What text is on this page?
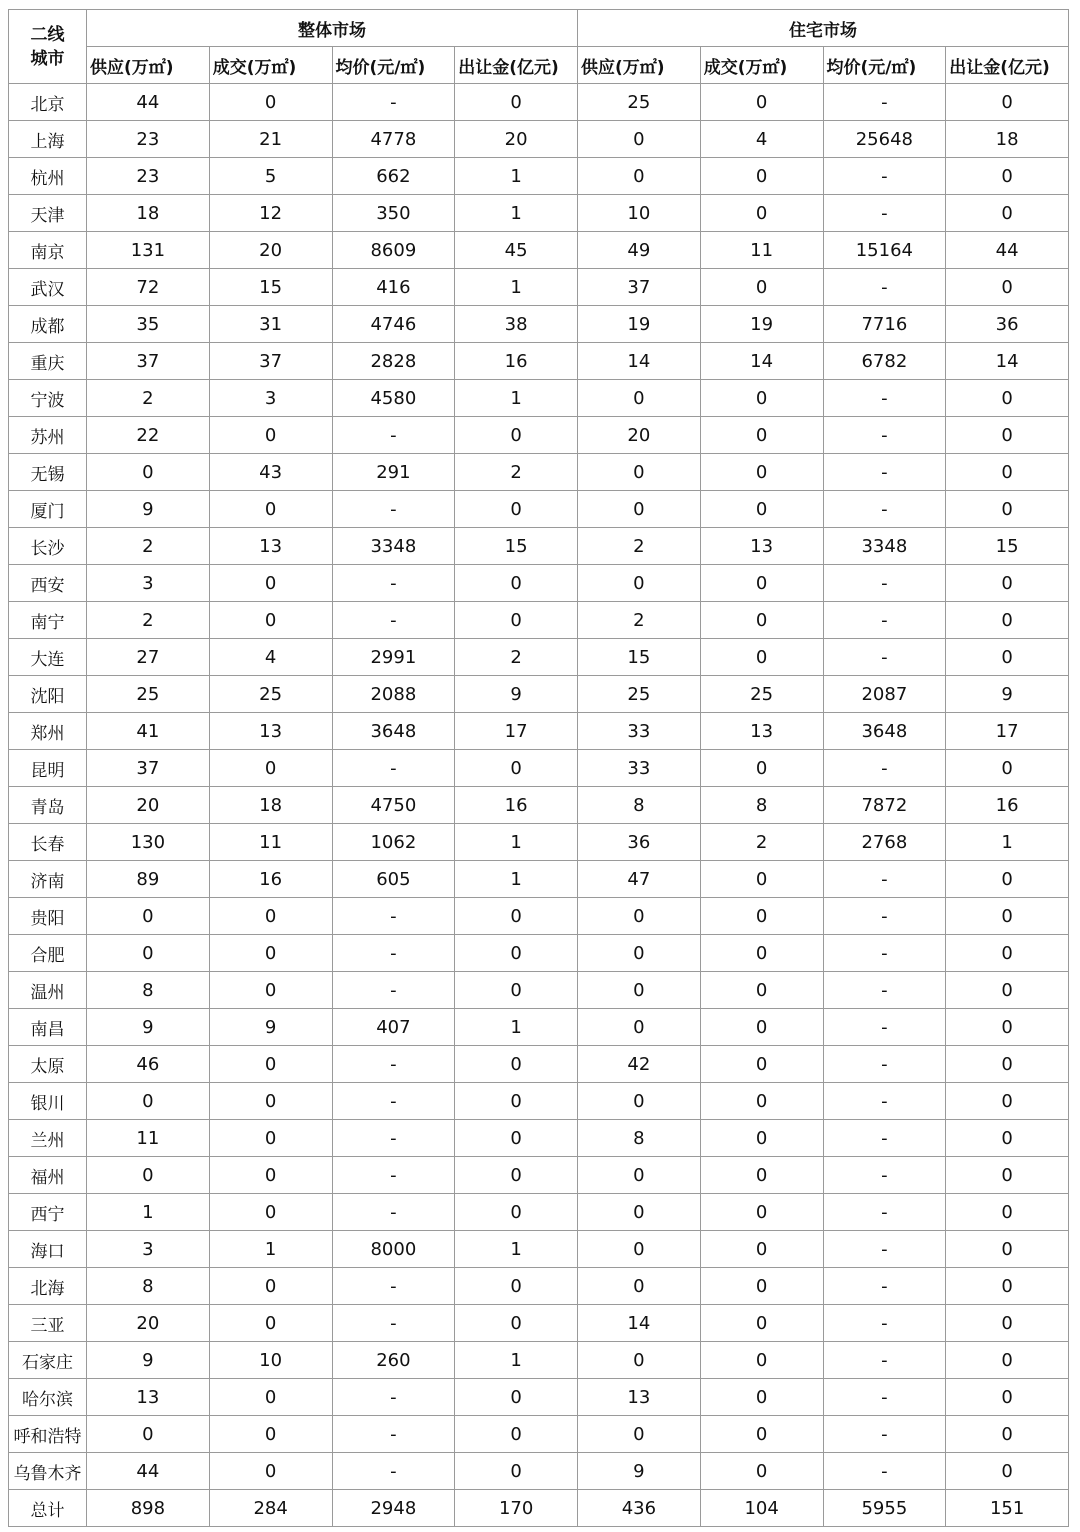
二线
城市	整体市场				住宅市场			
	供应(万㎡)	成交(万㎡)	均价(元/㎡)	出让金(亿元)	供应(万㎡)	成交(万㎡)	均价(元/㎡)	出让金(亿元)
北京	44	0	-	0	25	0	-	0
上海	23	21	4778	20	0	4	25648	18
杭州	23	5	662	1	0	0	-	0
天津	18	12	350	1	10	0	-	0
南京	131	20	8609	45	49	11	15164	44
武汉	72	15	416	1	37	0	-	0
成都	35	31	4746	38	19	19	7716	36
重庆	37	37	2828	16	14	14	6782	14
宁波	2	3	4580	1	0	0	-	0
苏州	22	0	-	0	20	0	-	0
无锡	0	43	291	2	0	0	-	0
厦门	9	0	-	0	0	0	-	0
长沙	2	13	3348	15	2	13	3348	15
西安	3	0	-	0	0	0	-	0
南宁	2	0	-	0	2	0	-	0
大连	27	4	2991	2	15	0	-	0
沈阳	25	25	2088	9	25	25	2087	9
郑州	41	13	3648	17	33	13	3648	17
昆明	37	0	-	0	33	0	-	0
青岛	20	18	4750	16	8	8	7872	16
长春	130	11	1062	1	36	2	2768	1
济南	89	16	605	1	47	0	-	0
贵阳	0	0	-	0	0	0	-	0
合肥	0	0	-	0	0	0	-	0
温州	8	0	-	0	0	0	-	0
南昌	9	9	407	1	0	0	-	0
太原	46	0	-	0	42	0	-	0
银川	0	0	-	0	0	0	-	0
兰州	11	0	-	0	8	0	-	0
福州	0	0	-	0	0	0	-	0
西宁	1	0	-	0	0	0	-	0
海口	3	1	8000	1	0	0	-	0
北海	8	0	-	0	0	0	-	0
三亚	20	0	-	0	14	0	-	0
石家庄	9	10	260	1	0	0	-	0
哈尔滨	13	0	-	0	13	0	-	0
呼和浩特	0	0	-	0	0	0	-	0
乌鲁木齐	44	0	-	0	9	0	-	0
总计	898	284	2948	170	436	104	5955	151
